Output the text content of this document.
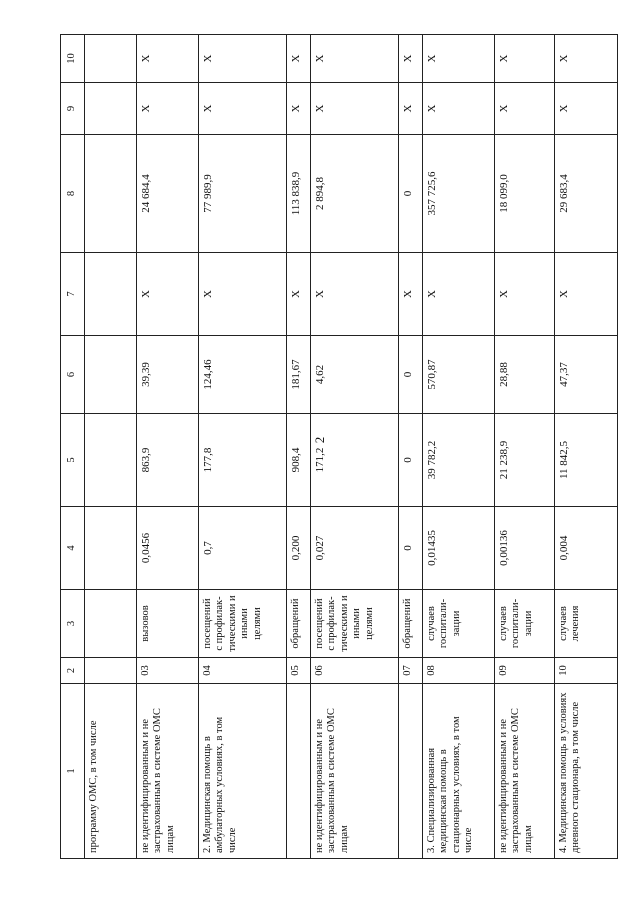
2
1	2	3	4	5	6	7	8	9	10
программу ОМС, в том числе									
не идентифицированным и не застрахованным в системе ОМС лицам	03	вызовов	0,0456	863,9	39,39	X	24 684,4	X	X
2. Медицинская помощь в амбулаторных условиях, в том числе	04	посещений с профилак-тическими и иными целями	0,7	177,8	124,46	X	77 989,9	X	X
	05	обращений	0,200	908,4	181,67	X	113 838,9	X	X
не идентифицированным и не застрахованным в системе ОМС лицам	06	посещений с профилак-тическими и иными целями	0,027	171,2	4,62	X	2 894,8	X	X
	07	обращений	0	0	0	X	0	X	X
3. Специализированная медицинская помощь в стационарных условиях, в том числе	08	случаев госпитали-зации	0,01435	39 782,2	570,87	X	357 725,6	X	X
не идентифицированным и не застрахованным в системе ОМС лицам	09	случаев госпитали-зации	0,00136	21 238,9	28,88	X	18 099,0	X	X
4. Медицинская помощь в условиях дневного стационара, в том числе	10	случаев лечения	0,004	11 842,5	47,37	X	29 683,4	X	X
